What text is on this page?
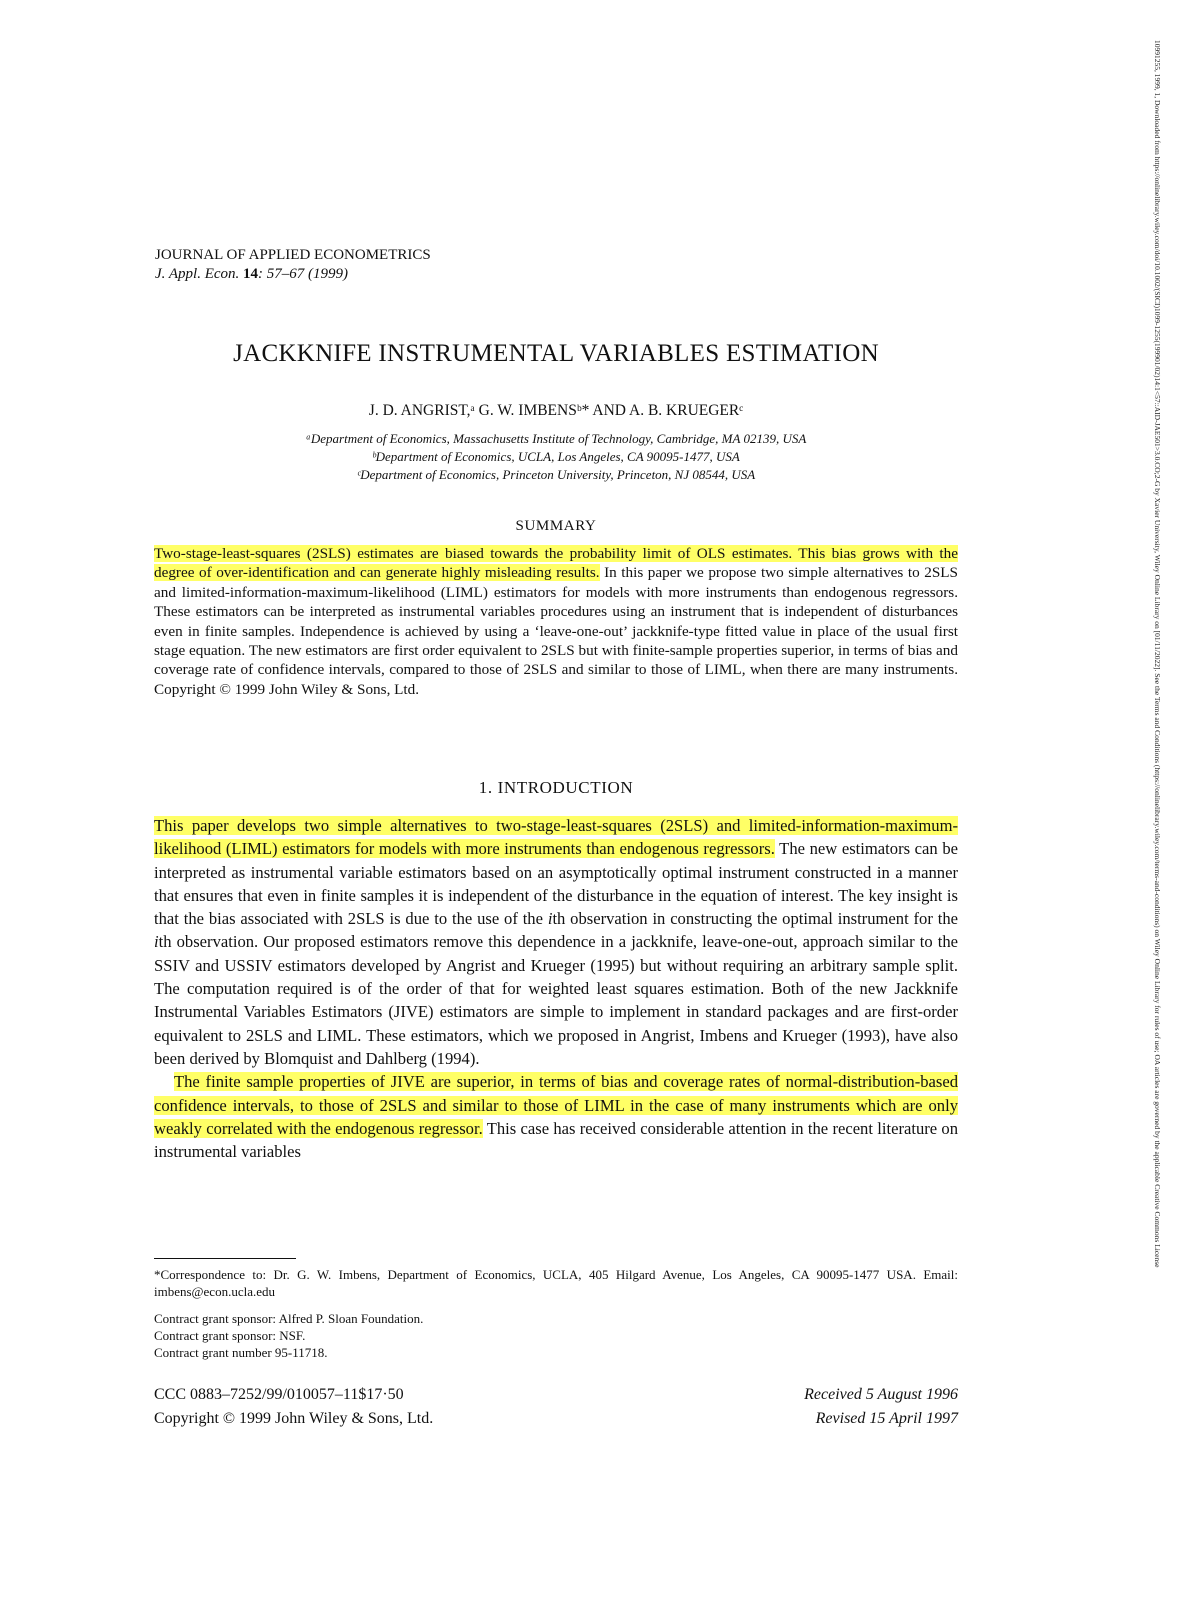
JOURNAL OF APPLIED ECONOMETRICS
J. Appl. Econ. 14: 57–67 (1999)
JACKKNIFE INSTRUMENTAL VARIABLES ESTIMATION
J. D. ANGRIST,ᵃ G. W. IMBENSᵇ* AND A. B. KRUEGERᶜ
ᵃDepartment of Economics, Massachusetts Institute of Technology, Cambridge, MA 02139, USA
ᵇDepartment of Economics, UCLA, Los Angeles, CA 90095-1477, USA
ᶜDepartment of Economics, Princeton University, Princeton, NJ 08544, USA
SUMMARY
Two-stage-least-squares (2SLS) estimates are biased towards the probability limit of OLS estimates. This bias grows with the degree of over-identification and can generate highly misleading results. In this paper we propose two simple alternatives to 2SLS and limited-information-maximum-likelihood (LIML) estimators for models with more instruments than endogenous regressors. These estimators can be interpreted as instrumental variables procedures using an instrument that is independent of disturbances even in finite samples. Independence is achieved by using a ‘leave-one-out’ jackknife-type fitted value in place of the usual first stage equation. The new estimators are first order equivalent to 2SLS but with finite-sample properties superior, in terms of bias and coverage rate of confidence intervals, compared to those of 2SLS and similar to those of LIML, when there are many instruments. Copyright © 1999 John Wiley & Sons, Ltd.
1. INTRODUCTION

This paper develops two simple alternatives to two-stage-least-squares (2SLS) and limited-information-maximum-likelihood (LIML) estimators for models with more instruments than endogenous regressors. The new estimators can be interpreted as instrumental variable estimators based on an asymptotically optimal instrument constructed in a manner that ensures that even in finite samples it is independent of the disturbance in the equation of interest. The key insight is that the bias associated with 2SLS is due to the use of the ith observation in constructing the optimal instrument for the ith observation. Our proposed estimators remove this dependence in a jackknife, leave-one-out, approach similar to the SSIV and USSIV estimators developed by Angrist and Krueger (1995) but without requiring an arbitrary sample split. The computation required is of the order of that for weighted least squares estimation. Both of the new Jackknife Instrumental Variables Estimators (JIVE) estimators are simple to implement in standard packages and are first-order equivalent to 2SLS and LIML. These estimators, which we proposed in Angrist, Imbens and Krueger (1993), have also been derived by Blomquist and Dahlberg (1994).

The finite sample properties of JIVE are superior, in terms of bias and coverage rates of normal-distribution-based confidence intervals, to those of 2SLS and similar to those of LIML in the case of many instruments which are only weakly correlated with the endogenous regressor. This case has received considerable attention in the recent literature on instrumental variables

*Correspondence to: Dr. G. W. Imbens, Department of Economics, UCLA, 405 Hilgard Avenue, Los Angeles, CA 90095-1477 USA. Email: imbens@econ.ucla.edu
Contract grant sponsor: Alfred P. Sloan Foundation.
Contract grant sponsor: NSF.
Contract grant number 95-11718.
CCC 0883–7252/99/010057–11$17·50
Copyright © 1999 John Wiley & Sons, Ltd.
Received 5 August 1996
Revised 15 April 1997
10991255, 1999, 1, Downloaded from https://onlinelibrary.wiley.com/doi/10.1002/(SICI)1099-1255(199901/02)14:1<57::AID-JAE501>3.0.CO;2-G by Xavier University, Wiley Online Library on [01/11/2022]. See the Terms and Conditions (https://onlinelibrary.wiley.com/terms-and-conditions) on Wiley Online Library for rules of use; OA articles are governed by the applicable Creative Commons License
